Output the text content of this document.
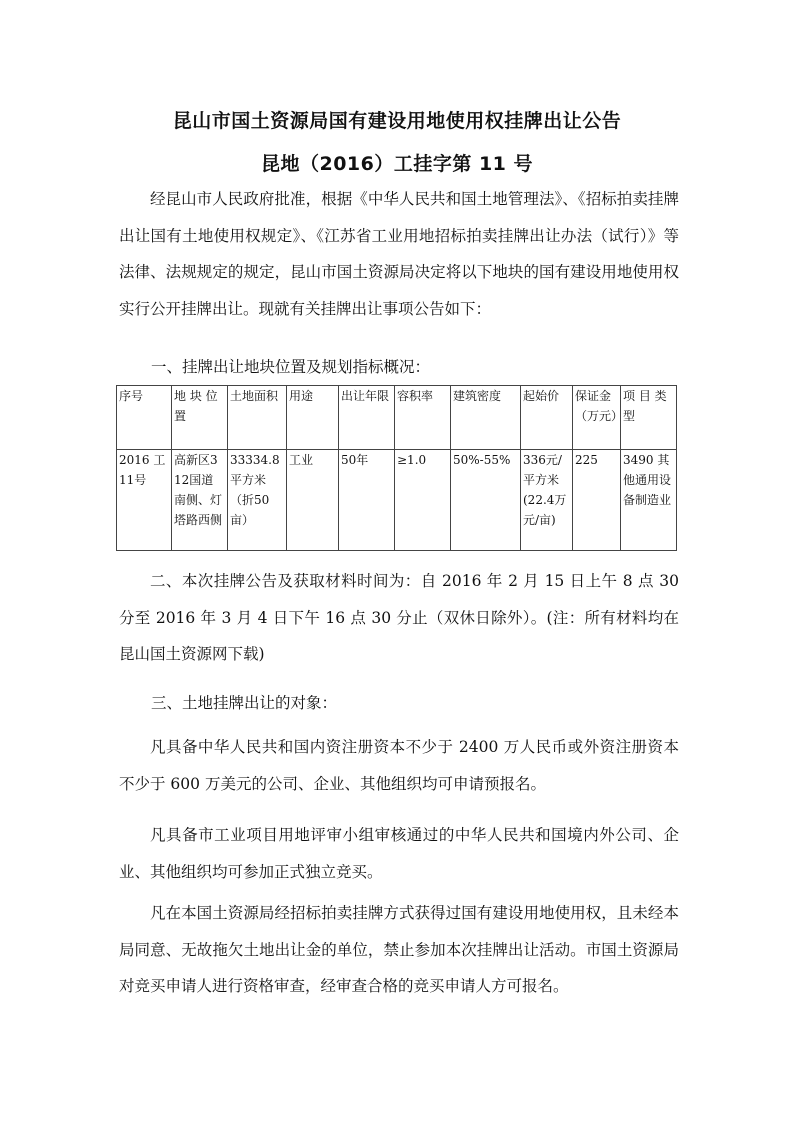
昆山市国土资源局国有建设用地使用权挂牌出让公告
昆地（2016）工挂字第 11 号

经昆山市人民政府批准，根据《中华人民共和国土地管理法》、《招标拍卖挂牌出让国有土地使用权规定》、《江苏省工业用地招标拍卖挂牌出让办法（试行）》等法律、法规规定的规定，昆山市国土资源局决定将以下地块的国有建设用地使用权实行公开挂牌出让。现就有关挂牌出让事项公告如下：

一、挂牌出让地块位置及规划指标概况：
序号	地 块 位置	土地面积	用途	出让年限	容积率	建筑密度	起始价	保证金（万元）	项 目 类型
2016 工11号	高新区312国道南侧、灯塔路西侧	33334.8平方米（折50亩）	工业	50年	≥1.0	50%-55%	336元/平方米(22.4万元/亩)	225	3490 其他通用设备制造业

二、本次挂牌公告及获取材料时间为：自 2016 年 2 月 15 日上午 8 点 30 分至 2016 年 3 月 4 日下午 16 点 30 分止（双休日除外）。(注：所有材料均在昆山国土资源网下载)

三、土地挂牌出让的对象：

凡具备中华人民共和国内资注册资本不少于 2400 万人民币或外资注册资本不少于 600 万美元的公司、企业、其他组织均可申请预报名。

凡具备市工业项目用地评审小组审核通过的中华人民共和国境内外公司、企业、其他组织均可参加正式独立竞买。

凡在本国土资源局经招标拍卖挂牌方式获得过国有建设用地使用权，且未经本局同意、无故拖欠土地出让金的单位，禁止参加本次挂牌出让活动。市国土资源局对竞买申请人进行资格审查，经审查合格的竞买申请人方可报名。
